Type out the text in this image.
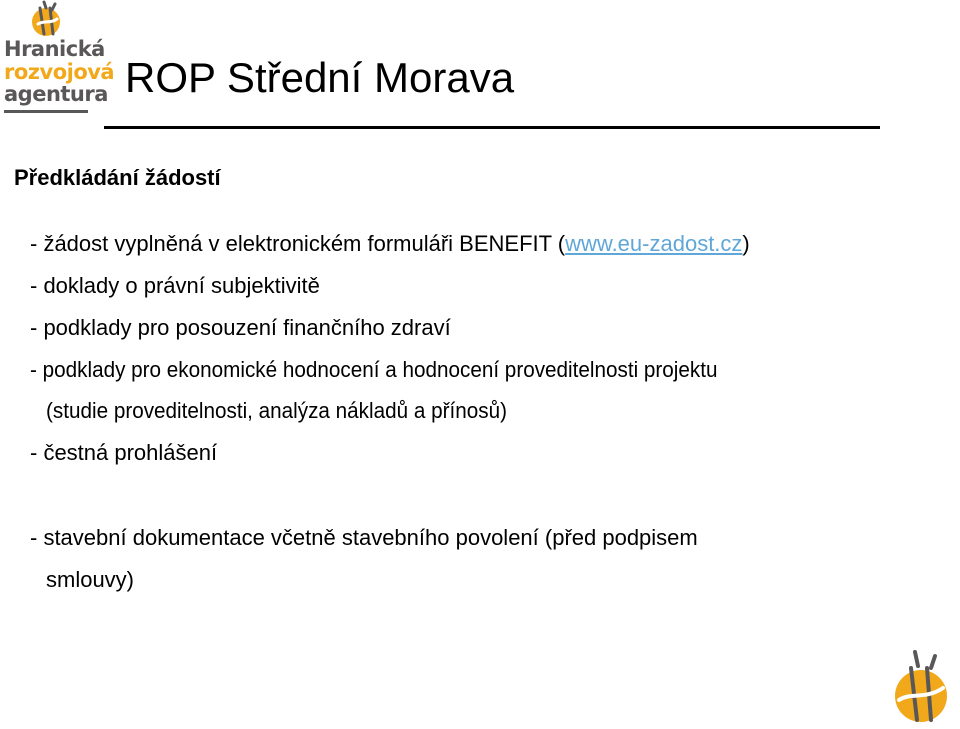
Hranická
rozvojová
agentura ROP Střední Morava
Předkládání žádostí

- žádost vyplněná v elektronickém formuláři BENEFIT (www.eu-zadost.cz)

- doklady o právní subjektivitě

- podklady pro posouzení finančního zdraví

- podklady pro ekonomické hodnocení a hodnocení proveditelnosti projektu

(studie proveditelnosti, analýza nákladů a přínosů)

- čestná prohlášení

- stavební dokumentace včetně stavebního povolení (před podpisem

smlouvy)
